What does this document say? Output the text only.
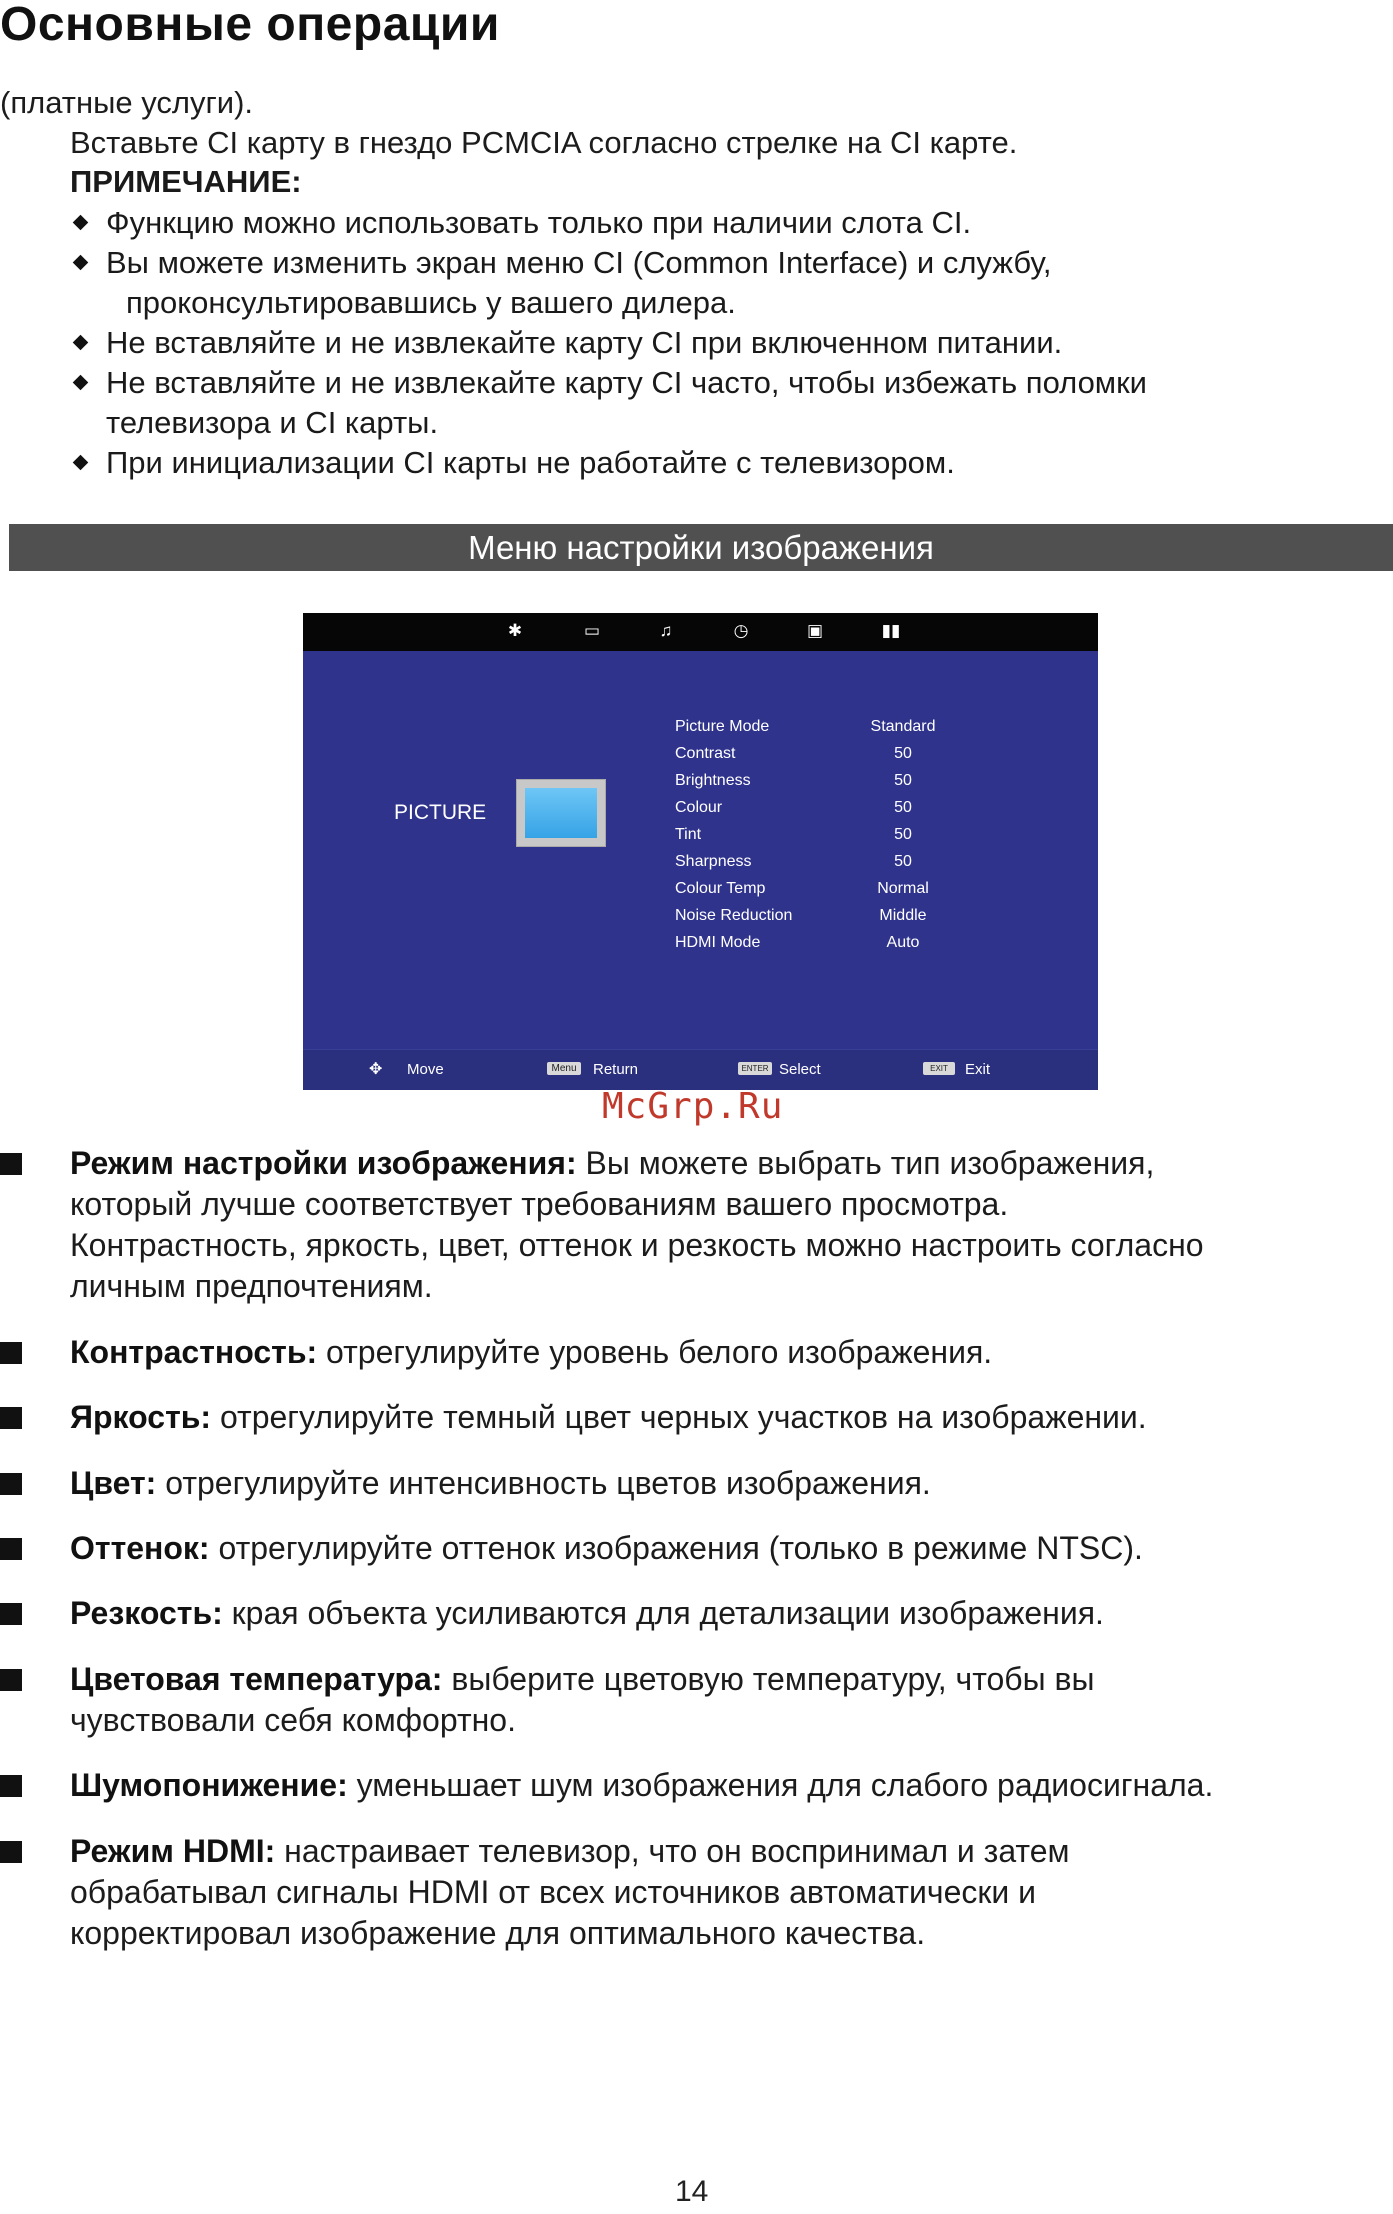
Основные операции
(платные услуги).
Вставьте CI карту в гнездо PCMCIA согласно стрелке на CI карте.
ПРИМЕЧАНИЕ:
Функцию можно использовать только при наличии слота CI.
Вы можете изменить экран меню CI (Common Interface) и службу,
проконсультировавшись у вашего дилера.
Не вставляйте и не извлекайте карту CI при включенном питании.
Не вставляйте и не извлекайте карту CI часто, чтобы избежать поломки
телевизора и CI карты.
При инициализации CI карты не работайте с телевизором.
Меню настройки изображения
✱	▭	♫	◷	▣	▮▮
PICTURE
Picture Mode	Standard
Contrast	50
Brightness	50
Colour	50
Tint	50
Sharpness	50
Colour Temp	Normal
Noise Reduction	Middle
HDMI Mode	Auto
✥ Move	Menu	Return	ENTER Select	EXIT	Exit
McGrp.Ru
Режим настройки изображения: Вы можете выбрать тип изображения,
который лучше соответствует требованиям вашего просмотра.
Контрастность, яркость, цвет, оттенок и резкость можно настроить согласно
личным предпочтениям.
Контрастность: отрегулируйте уровень белого изображения.
Яркость: отрегулируйте темный цвет черных участков на изображении.
Цвет: отрегулируйте интенсивность цветов изображения.
Оттенок: отрегулируйте оттенок изображения (только в режиме NTSC).
Резкость: края объекта усиливаются для детализации изображения.
Цветовая температура: выберите цветовую температуру, чтобы вы
чувствовали себя комфортно.
Шумопонижение: уменьшает шум изображения для слабого радиосигнала.
Режим HDMI: настраивает телевизор, что он воспринимал и затем
обрабатывал сигналы HDMI от всех источников автоматически и
корректировал изображение для оптимального качества.
14
